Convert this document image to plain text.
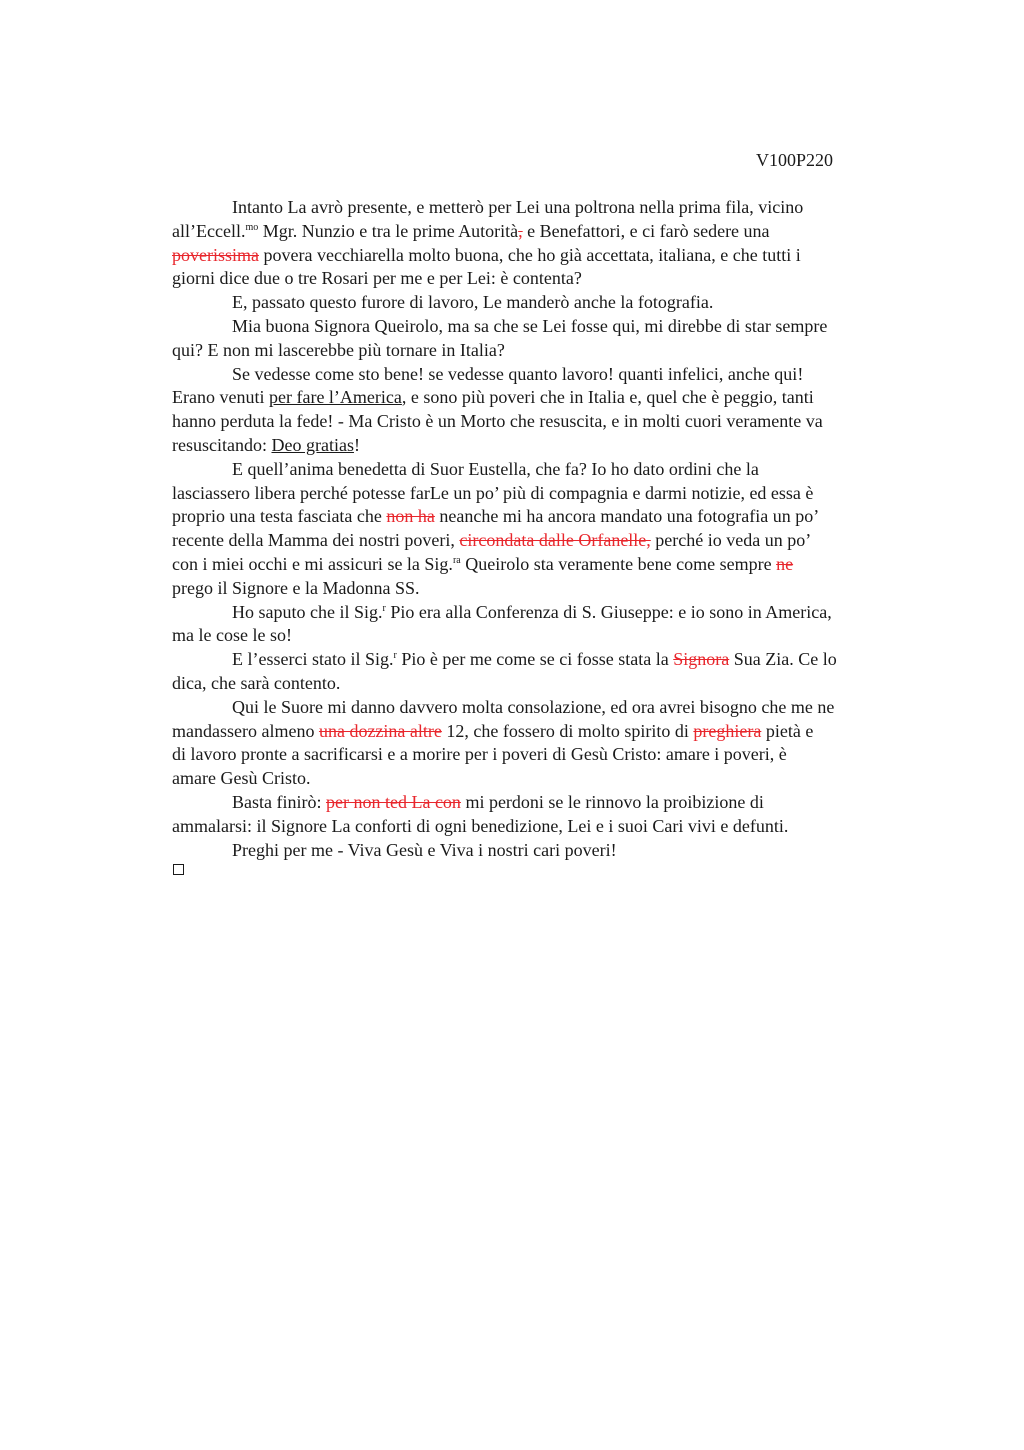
V100P220

Intanto La avrò presente, e metterò per Lei una poltrona nella prima fila, vicino

all’Eccell.$^{mo}$ Mgr. Nunzio e tra le prime Autorità, e Benefattori, e ci farò sedere una

poverissima povera vecchiarella molto buona, che ho già accettata, italiana, e che tutti i

giorni dice due o tre Rosari per me e per Lei: è contenta?

E, passato questo furore di lavoro, Le manderò anche la fotografia.

Mia buona Signora Queirolo, ma sa che se Lei fosse qui, mi direbbe di star sempre

qui? E non mi lascerebbe più tornare in Italia?

Se vedesse come sto bene! se vedesse quanto lavoro! quanti infelici, anche qui!

Erano venuti per fare l’America, e sono più poveri che in Italia e, quel che è peggio, tanti

hanno perduta la fede! - Ma Cristo è un Morto che resuscita, e in molti cuori veramente va

resuscitando: Deo gratias!

E quell’anima benedetta di Suor Eustella, che fa? Io ho dato ordini che la

lasciassero libera perché potesse farLe un po’ più di compagnia e darmi notizie, ed essa è

proprio una testa fasciata che non ha neanche mi ha ancora mandato una fotografia un po’

recente della Mamma dei nostri poveri, circondata dalle Orfanelle, perché io veda un po’

con i miei occhi e mi assicuri se la Sig.$^{ra}$ Queirolo sta veramente bene come sempre ne

prego il Signore e la Madonna SS.

Ho saputo che il Sig.$^r$ Pio era alla Conferenza di S. Giuseppe: e io sono in America,

ma le cose le so!

E l’esserci stato il Sig.$^r$ Pio è per me come se ci fosse stata la Signora Sua Zia. Ce lo

dica, che sarà contento.

Qui le Suore mi danno davvero molta consolazione, ed ora avrei bisogno che me ne

mandassero almeno una dozzina altre 12, che fossero di molto spirito di preghiera pietà e

di lavoro pronte a sacrificarsi e a morire per i poveri di Gesù Cristo: amare i poveri, è

amare Gesù Cristo.

Basta finirò: per non ted La con mi perdoni se le rinnovo la proibizione di

ammalarsi: il Signore La conforti di ogni benedizione, Lei e i suoi Cari vivi e defunti.

Preghi per me - Viva Gesù e Viva i nostri cari poveri!
